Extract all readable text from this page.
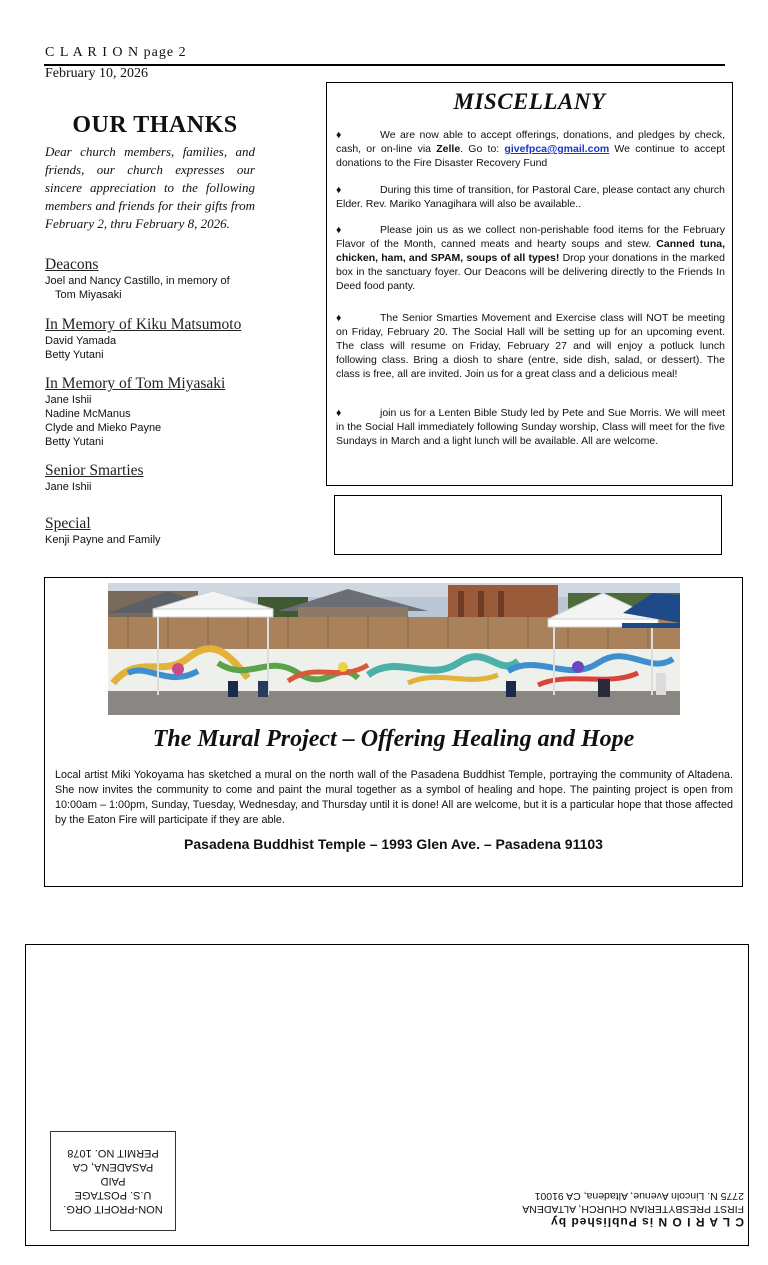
C L A R I O N page 2
February 10, 2026
OUR THANKS
Dear church members, families, and friends, our church expresses our sincere appreciation to the following members and friends for their gifts from February 2, thru February 8, 2026.
Deacons
Joel and Nancy Castillo, in memory of
Tom Miyasaki
In Memory of Kiku Matsumoto
David Yamada
Betty Yutani
In Memory of Tom Miyasaki
Jane Ishii
Nadine McManus
Clyde and Mieko Payne
Betty Yutani
Senior Smarties
Jane Ishii
Special
Kenji Payne and Family
MISCELLANY
♦	We are now able to accept offerings, donations, and pledges by check, cash, or on-line via Zelle. Go to: givefpca@gmail.com We continue to accept donations to the Fire Disaster Recovery Fund
♦	During this time of transition, for Pastoral Care, please contact any church Elder. Rev. Mariko Yanagihara will also be available..
♦	Please join us as we collect non-perishable food items for the February Flavor of the Month, canned meats and hearty soups and stew. Canned tuna, chicken, ham, and SPAM, soups of all types! Drop your donations in the marked box in the sanctuary foyer. Our Deacons will be delivering directly to the Friends In Deed food panty.
♦	The Senior Smarties Movement and Exercise class will NOT be meeting on Friday, February 20. The Social Hall will be setting up for an upcoming event. The class will resume on Friday, February 27 and will enjoy a potluck lunch following class. Bring a diosh to share (entre, side dish, salad, or dessert). The class is free, all are invited. Join us for a great class and a delicious meal!
♦	join us for a Lenten Bible Study led by Pete and Sue Morris. We will meet in the Social Hall immediately following Sunday worship, Class will meet for the five Sundays in March and a light lunch will be available. All are welcome.
The Mural Project – Offering Healing and Hope
Local artist Miki Yokoyama has sketched a mural on the north wall of the Pasadena Buddhist Temple, portraying the community of Altadena. She now invites the community to come and paint the mural together as a symbol of healing and hope. The painting project is open from 10:00am – 1:00pm, Sunday, Tuesday, Wednesday, and Thursday until it is done! All are welcome, but it is a particular hope that those affected by the Eaton Fire will participate if they are able.
Pasadena Buddhist Temple – 1993 Glen Ave. – Pasadena 91103
NON-PROFIT ORG.
U.S. POSTAGE
PAID
PASADENA, CA
PERMIT NO. 1078
C L A R I O N is Published by
FIRST PRESBYTERIAN CHURCH, ALTADENA
2775 N. Lincoln Avenue, Altadena, CA 91001
